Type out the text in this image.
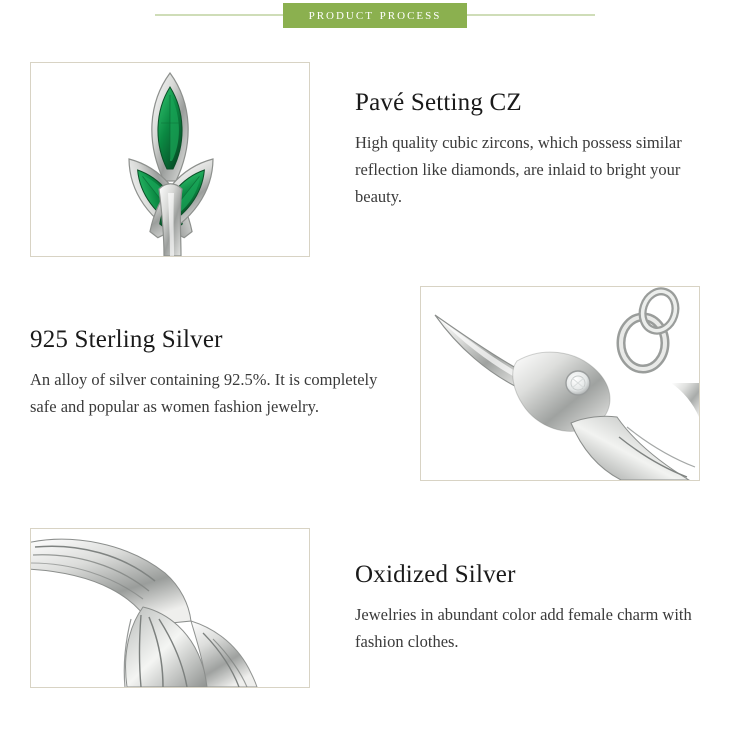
product process
Pavé Setting CZ

High quality cubic zircons, which possess similar reflection like diamonds, are inlaid to bright your beauty.

925 Sterling Silver

An alloy of silver containing 92.5%. It is completely safe and popular as women fashion jewelry.

Oxidized Silver

Jewelries in abundant color add female charm with fashion clothes.
